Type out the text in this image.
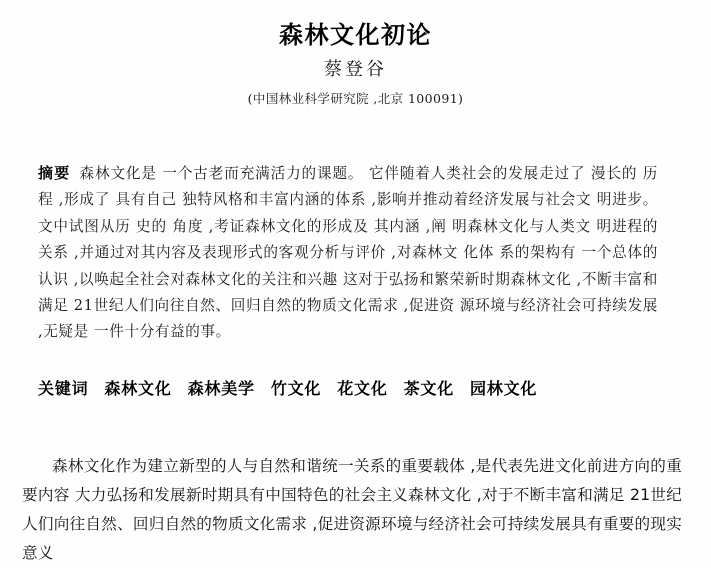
森林文化初论
蔡登谷
(中国林业科学研究院 ,北京 100091)

摘要 森林文化是 一个古老而充满活力的课题。 它伴随着人类社会的发展走过了 漫长的 历程 ,形成了 具有自己 独特风格和丰富内涵的体系 ,影响并推动着经济发展与社会文 明进步。 文中试图从历 史的 角度 ,考证森林文化的形成及 其内涵 ,阐 明森林文化与人类文 明进程的关系 ,并通过对其内容及表现形式的客观分析与评价 ,对森林文 化体 系的架构有 一个总体的认识 ,以唤起全社会对森林文化的关注和兴趣 这对于弘扬和繁荣新时期森林文化 ,不断丰富和满足 21世纪人们向往自然、回归自然的物质文化需求 ,促进资 源环境与经济社会可持续发展 ,无疑是 一件十分有益的事。

关键词 森林文化 森林美学 竹文化 花文化 茶文化 园林文化

森林文化作为建立新型的人与自然和谐统一关系的重要载体 ,是代表先进文化前进方向的重要内容 大力弘扬和发展新时期具有中国特色的社会主义森林文化 ,对于不断丰富和满足 21世纪人们向往自然、回归自然的物质文化需求 ,促进资源环境与经济社会可持续发展具有重要的现实意义
